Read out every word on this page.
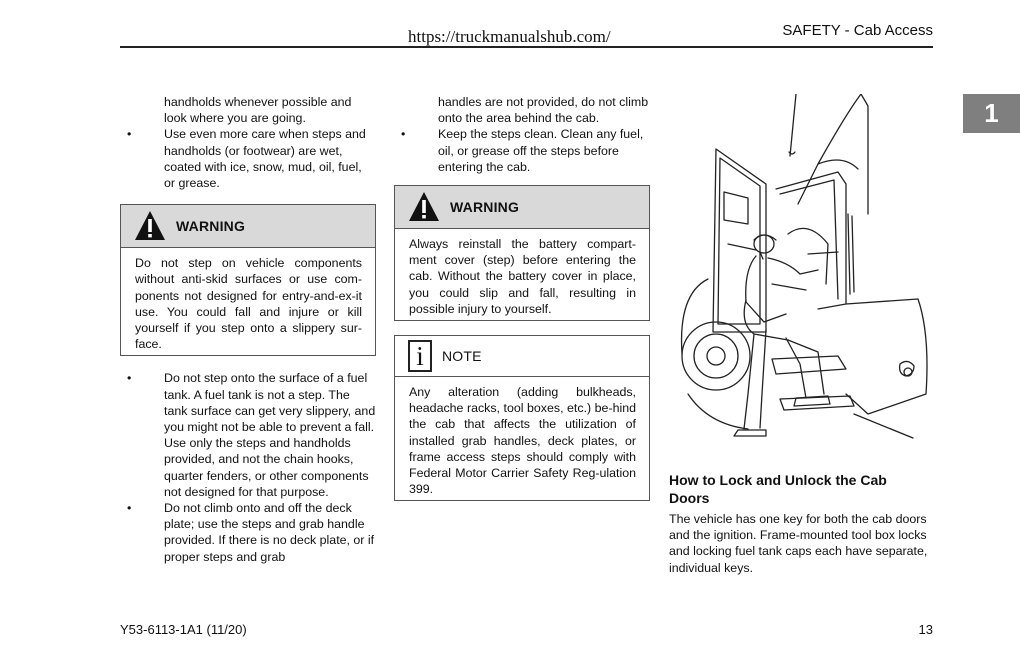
https://truckmanualshub.com/	SAFETY - Cab Access
1
handholds whenever possible and look where you are going.
•	Use even more care when steps and handholds (or footwear) are wet, coated with ice, snow, mud, oil, fuel, or grease.
WARNING
Do not step on vehicle components without anti-skid surfaces or use com-ponents not designed for entry-and-ex-it use. You could fall and injure or kill yourself if you step onto a slippery sur-face.
•	Do not step onto the surface of a fuel tank. A fuel tank is not a step. The tank surface can get very slippery, and you might not be able to prevent a fall. Use only the steps and handholds provided, and not the chain hooks, quarter fenders, or other components not designed for that purpose.
•	Do not climb onto and off the deck plate; use the steps and grab handle provided. If there is no deck plate, or if proper steps and grab
handles are not provided, do not climb onto the area behind the cab.
•	Keep the steps clean. Clean any fuel, oil, or grease off the steps before entering the cab.
WARNING
Always reinstall the battery compart-ment cover (step) before entering the cab. Without the battery cover in place, you could slip and fall, resulting in possible injury to yourself.
i	NOTE
Any alteration (adding bulkheads, headache racks, tool boxes, etc.) be-hind the cab that affects the utilization of installed grab handles, deck plates, or frame access steps should comply with Federal Motor Carrier Safety Reg-ulation 399.
How to Lock and Unlock the Cab Doors
The vehicle has one key for both the cab doors and the ignition. Frame-mounted tool box locks and locking fuel tank caps each have separate, individual keys.
Y53-6113-1A1 (11/20)	13
